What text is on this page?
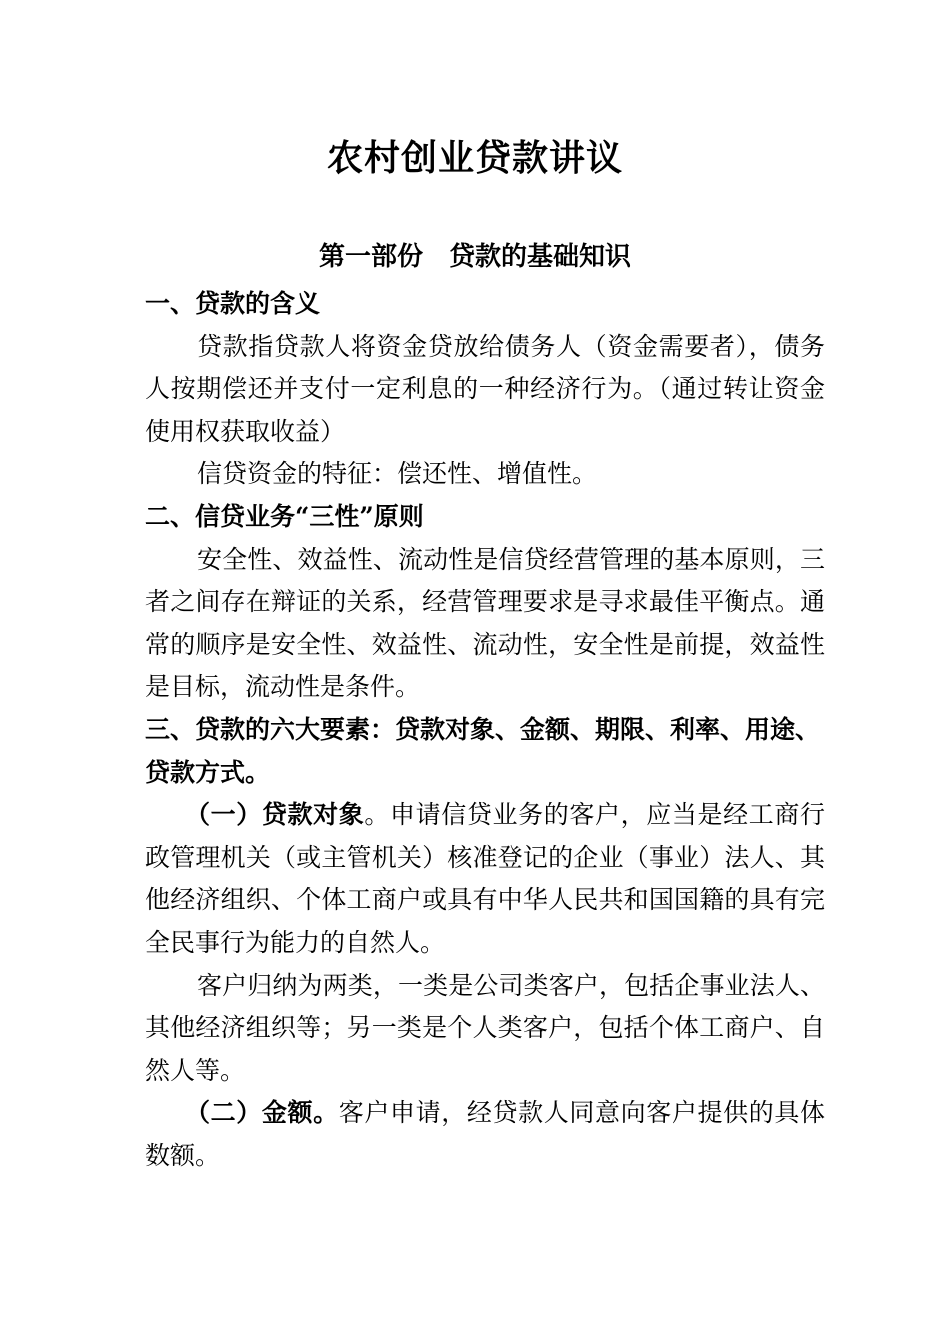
农村创业贷款讲议
第一部份 贷款的基础知识

一、贷款的含义

贷款指贷款人将资金贷放给债务人（资金需要者），债务人按期偿还并支付一定利息的一种经济行为。（通过转让资金使用权获取收益）

信贷资金的特征：偿还性、增值性。

二、信贷业务“三性”原则

安全性、效益性、流动性是信贷经营管理的基本原则，三者之间存在辩证的关系，经营管理要求是寻求最佳平衡点。通常的顺序是安全性、效益性、流动性，安全性是前提，效益性是目标，流动性是条件。

三、贷款的六大要素：贷款对象、金额、期限、利率、用途、贷款方式。

（一）贷款对象。申请信贷业务的客户，应当是经工商行政管理机关（或主管机关）核准登记的企业（事业）法人、其他经济组织、个体工商户或具有中华人民共和国国籍的具有完全民事行为能力的自然人。

客户归纳为两类，一类是公司类客户，包括企事业法人、其他经济组织等；另一类是个人类客户，包括个体工商户、自然人等。

（二）金额。客户申请，经贷款人同意向客户提供的具体数额。
